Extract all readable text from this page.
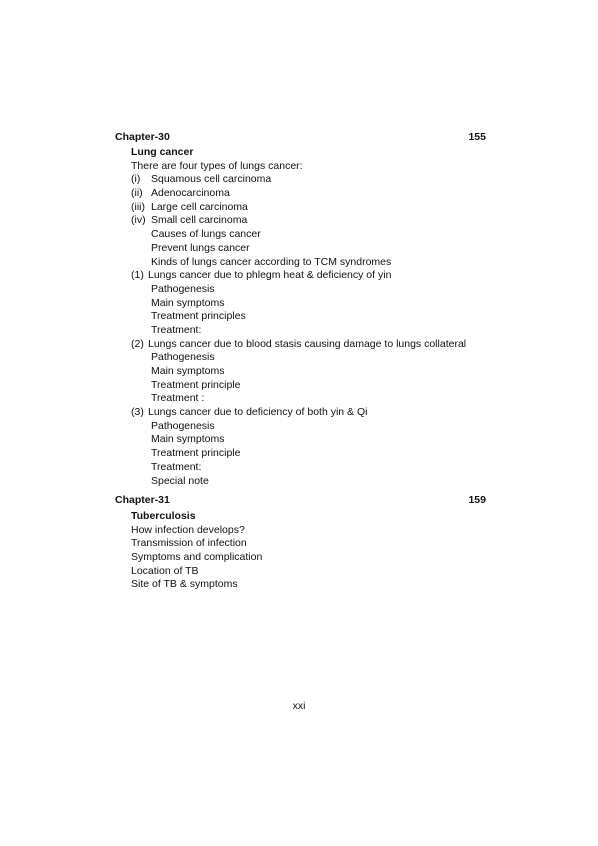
Chapter-30	155
Lung cancer
There are four types of lungs cancer:
(i) Squamous cell carcinoma
(ii) Adenocarcinoma
(iii) Large cell carcinoma
(iv) Small cell carcinoma
Causes of lungs cancer
Prevent lungs cancer
Kinds of lungs cancer according to TCM syndromes
(1) Lungs cancer due to phlegm heat & deficiency of yin
Pathogenesis
Main symptoms
Treatment principles
Treatment:
(2) Lungs cancer due to blood stasis causing damage to lungs collateral
Pathogenesis
Main symptoms
Treatment principle
Treatment :
(3) Lungs cancer due to deficiency of both yin & Qi
Pathogenesis
Main symptoms
Treatment principle
Treatment:
Special note
Chapter-31	159
Tuberculosis
How infection develops?
Transmission of infection
Symptoms and complication
Location of TB
Site of TB & symptoms
xxi
